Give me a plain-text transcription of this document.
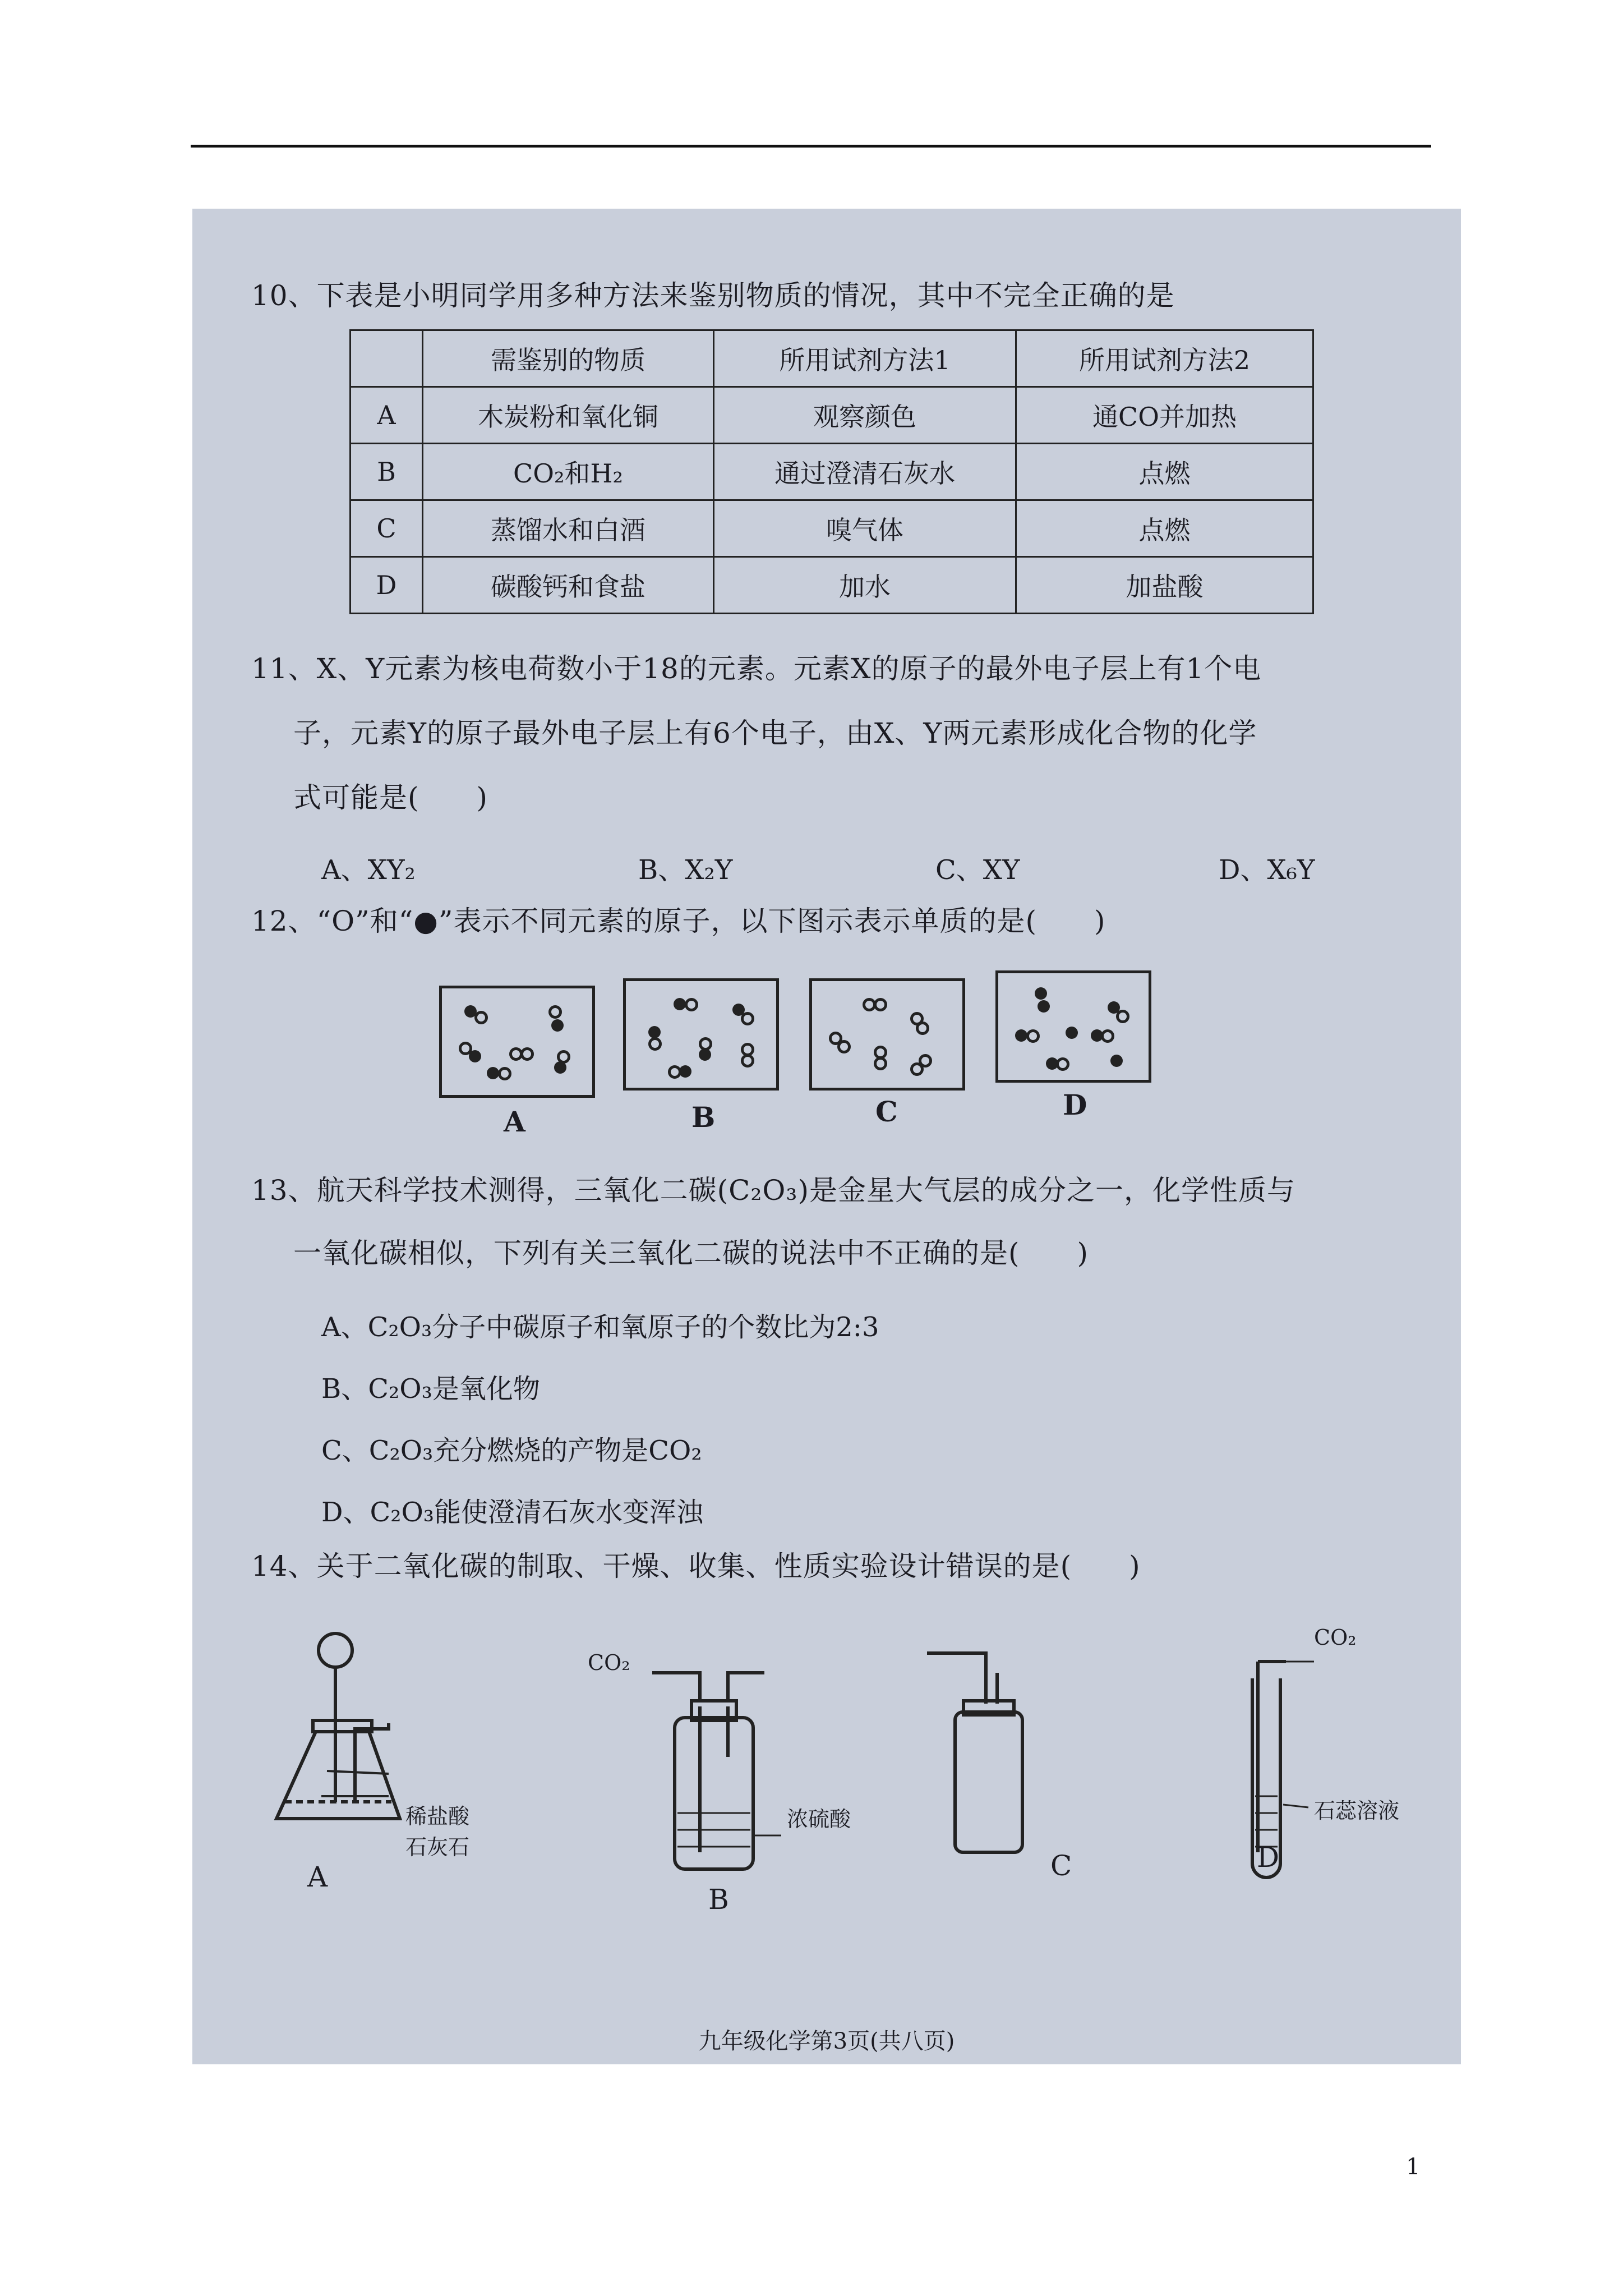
10、下表是小明同学用多种方法来鉴别物质的情况，其中不完全正确的是
	需鉴别的物质	所用试剂方法1	所用试剂方法2
A	木炭粉和氧化铜	观察颜色	通CO并加热
B	CO₂和H₂	通过澄清石灰水	点燃
C	蒸馏水和白酒	嗅气体	点燃
D	碳酸钙和食盐	加水	加盐酸
11、X、Y元素为核电荷数小于18的元素。元素X的原子的最外电子层上有1个电
子，元素Y的原子最外电子层上有6个电子，由X、Y两元素形成化合物的化学
式可能是(　　)
A、XY₂	B、X₂Y	C、XY	D、X₆Y
12、“O”和“●”表示不同元素的原子，以下图示表示单质的是(　　)
A	B	C	D
13、航天科学技术测得，三氧化二碳(C₂O₃)是金星大气层的成分之一，化学性质与
一氧化碳相似，下列有关三氧化二碳的说法中不正确的是(　　)
A、C₂O₃分子中碳原子和氧原子的个数比为2:3
B、C₂O₃是氧化物
C、C₂O₃充分燃烧的产物是CO₂
D、C₂O₃能使澄清石灰水变浑浊
14、关于二氧化碳的制取、干燥、收集、性质实验设计错误的是(　　)
稀盐酸
石灰石
CO₂
浓硫酸
CO₂
石蕊溶液
A
B
C	D
九年级化学第3页(共八页)
1
